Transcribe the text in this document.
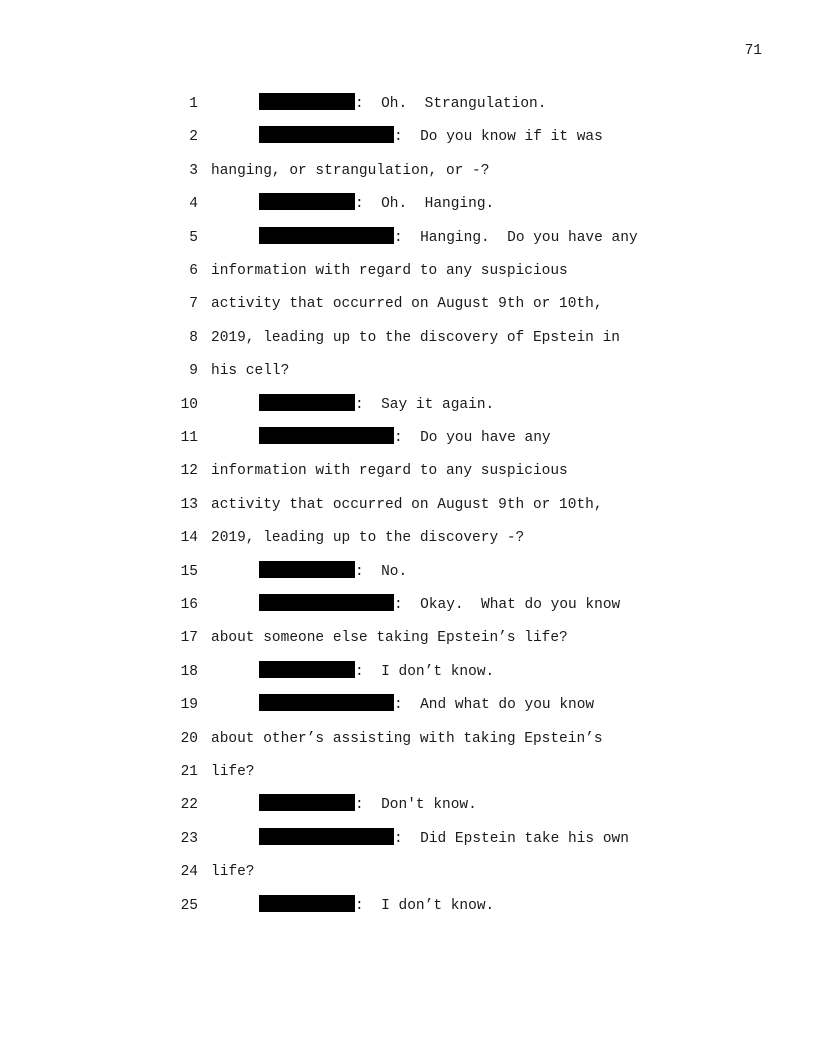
71
1	:  Oh.  Strangulation.
2	:  Do you know if it was
3 hanging, or strangulation, or -?
4	:  Oh.  Hanging.
5	:  Hanging.  Do you have any
6 information with regard to any suspicious
7 activity that occurred on August 9th or 10th,
8 2019, leading up to the discovery of Epstein in
9 his cell?
10	:  Say it again.
11	:  Do you have any
12 information with regard to any suspicious
13 activity that occurred on August 9th or 10th,
14 2019, leading up to the discovery -?
15	:  No.
16	:  Okay.  What do you know
17 about someone else taking Epstein’s life?
18	:  I don’t know.
19	:  And what do you know
20 about other’s assisting with taking Epstein’s
21 life?
22	:  Don't know.
23	:  Did Epstein take his own
24 life?
25	:  I don’t know.
